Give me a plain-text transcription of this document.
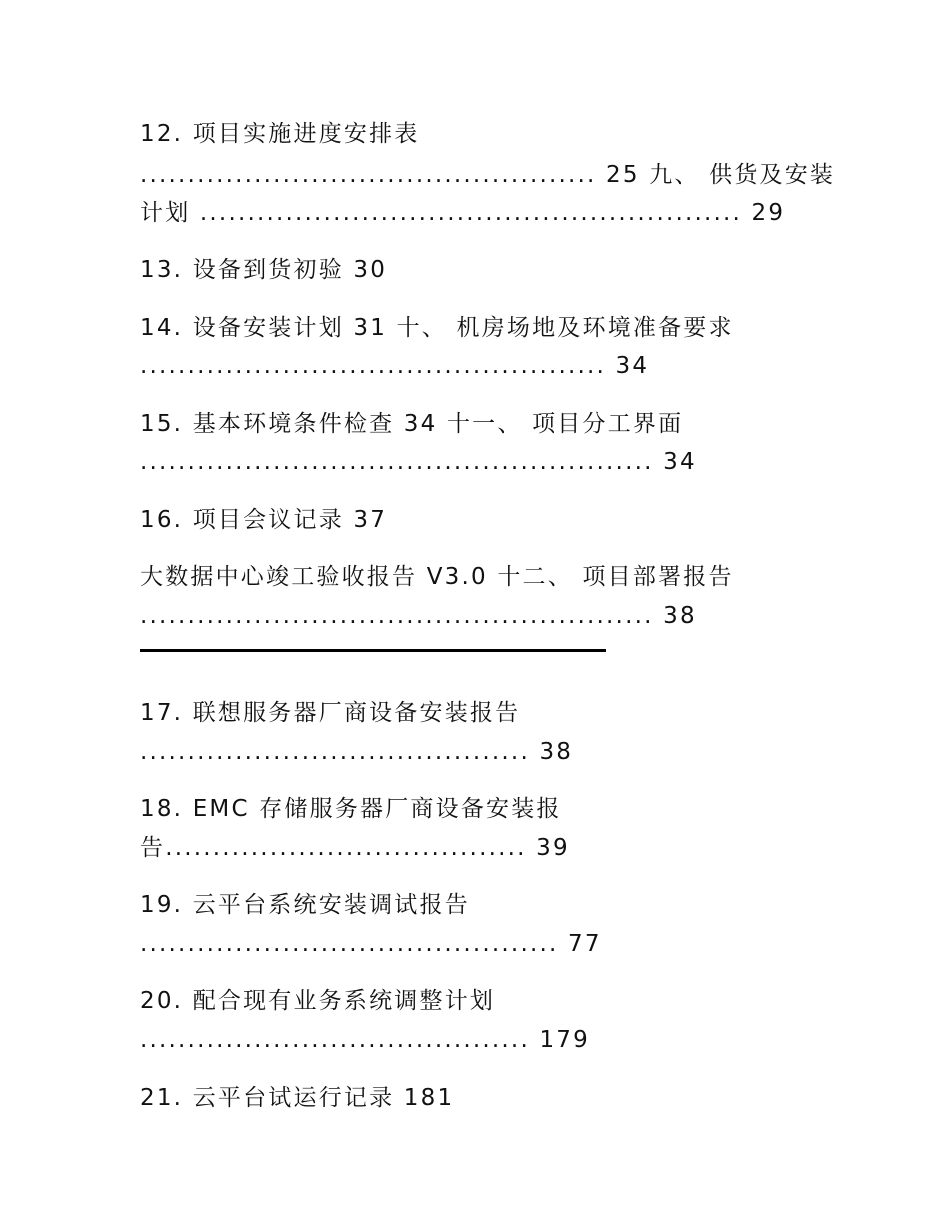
12. 项目实施进度安排表
................................................ 25 九、 供货及安装
计划 ......................................................... 29
13. 设备到货初验 30
14. 设备安装计划 31 十、 机房场地及环境准备要求
................................................. 34
15. 基本环境条件检查 34 十一、 项目分工界面
...................................................... 34
16. 项目会议记录 37
大数据中心竣工验收报告 V3.0 十二、 项目部署报告
...................................................... 38
17. 联想服务器厂商设备安装报告
......................................... 38
18. EMC 存储服务器厂商设备安装报
告...................................... 39
19. 云平台系统安装调试报告
............................................ 77
20. 配合现有业务系统调整计划
......................................... 179
21. 云平台试运行记录 181
